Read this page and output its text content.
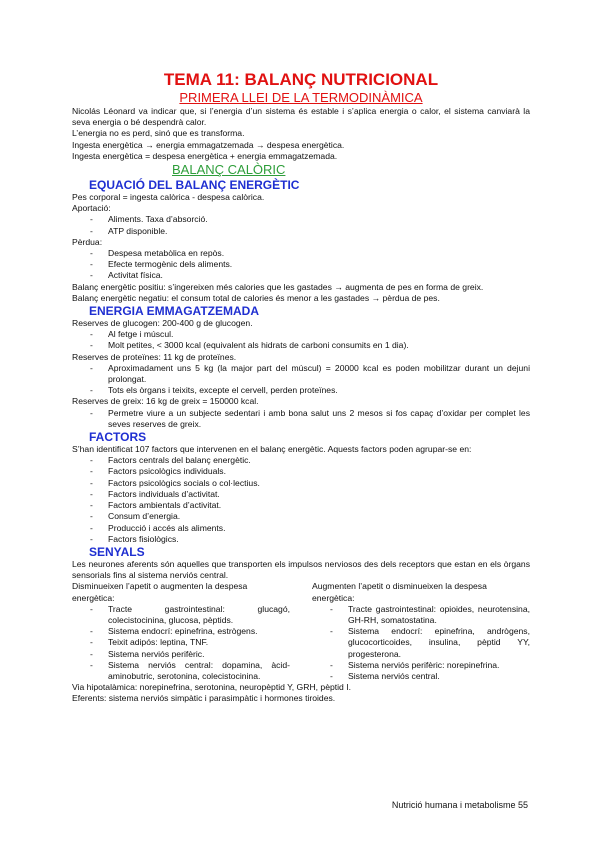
TEMA 11: BALANÇ NUTRICIONAL
PRIMERA LLEI DE LA TERMODINÀMICA

Nicolás Léonard va indicar que, si l’energia d’un sistema és estable i s’aplica energia o calor, el sistema canviarà la seva energia o bé despendrà calor.

L’energia no es perd, sinó que es transforma.

Ingesta energètica → energia emmagatzemada → despesa energètica.

Ingesta energètica = despesa energètica + energia emmagatzemada.

BALANÇ CALÒRIC
EQUACIÓ DEL BALANÇ ENERGÈTIC

Pes corporal = ingesta calòrica - despesa calòrica.

Aportació:

- Aliments. Taxa d’absorció.
- ATP disponible.

Pèrdua:

- Despesa metabòlica en repòs.
- Efecte termogènic dels aliments.
- Activitat física.

Balanç energètic positiu: s’ingereixen més calories que les gastades → augmenta de pes en forma de greix.

Balanç energètic negatiu: el consum total de calories és menor a les gastades → pèrdua de pes.

ENERGIA EMMAGATZEMADA

Reserves de glucogen: 200-400 g de glucogen.

- Al fetge i múscul.
- Molt petites, < 3000 kcal (equivalent als hidrats de carboni consumits en 1 dia).

Reserves de proteïnes: 11 kg de proteïnes.

- Aproximadament uns 5 kg (la major part del múscul) = 20000 kcal es poden mobilitzar durant un dejuni prolongat.
- Tots els òrgans i teixits, excepte el cervell, perden proteïnes.

Reserves de greix: 16 kg de greix = 150000 kcal.

- Permetre viure a un subjecte sedentari i amb bona salut uns 2 mesos si fos capaç d’oxidar per complet les seves reserves de greix.
FACTORS

S’han identificat 107 factors que intervenen en el balanç energètic. Aquests factors poden agrupar-se en:

- Factors centrals del balanç energètic.
- Factors psicològics individuals.
- Factors psicològics socials o col·lectius.
- Factors individuals d’activitat.
- Factors ambientals d’activitat.
- Consum d’energia.
- Producció i accés als aliments.
- Factors fisiològics.
SENYALS

Les neurones aferents són aquelles que transporten els impulsos nerviosos des dels receptors que estan en els òrgans sensorials fins al sistema nerviós central.

Disminueixen l’apetit o augmenten la despesa energètica:

- Tracte gastrointestinal: glucagó, colecistocinina, glucosa, pèptids.
- Sistema endocrí: epinefrina, estrògens.
- Teixit adipós: leptina, TNF.
- Sistema nerviós perifèric.
- Sistema nerviós central: dopamina, àcid-aminobutric, serotonina, colecistocinina.

Augmenten l’apetit o disminueixen la despesa energètica:

- Tracte gastrointestinal: opioides, neurotensina, GH-RH, somatostatina.
- Sistema endocrí: epinefrina, andrògens, glucocorticoides, insulina, pèptid YY, progesterona.
- Sistema nerviós perifèric: norepinefrina.
- Sistema nerviós central.

Via hipotalàmica: norepinefrina, serotonina, neuropèptid Y, GRH, pèptid I.

Eferents: sistema nerviós simpàtic i parasimpàtic i hormones tiroides.

Nutrició humana i metabolisme 55
